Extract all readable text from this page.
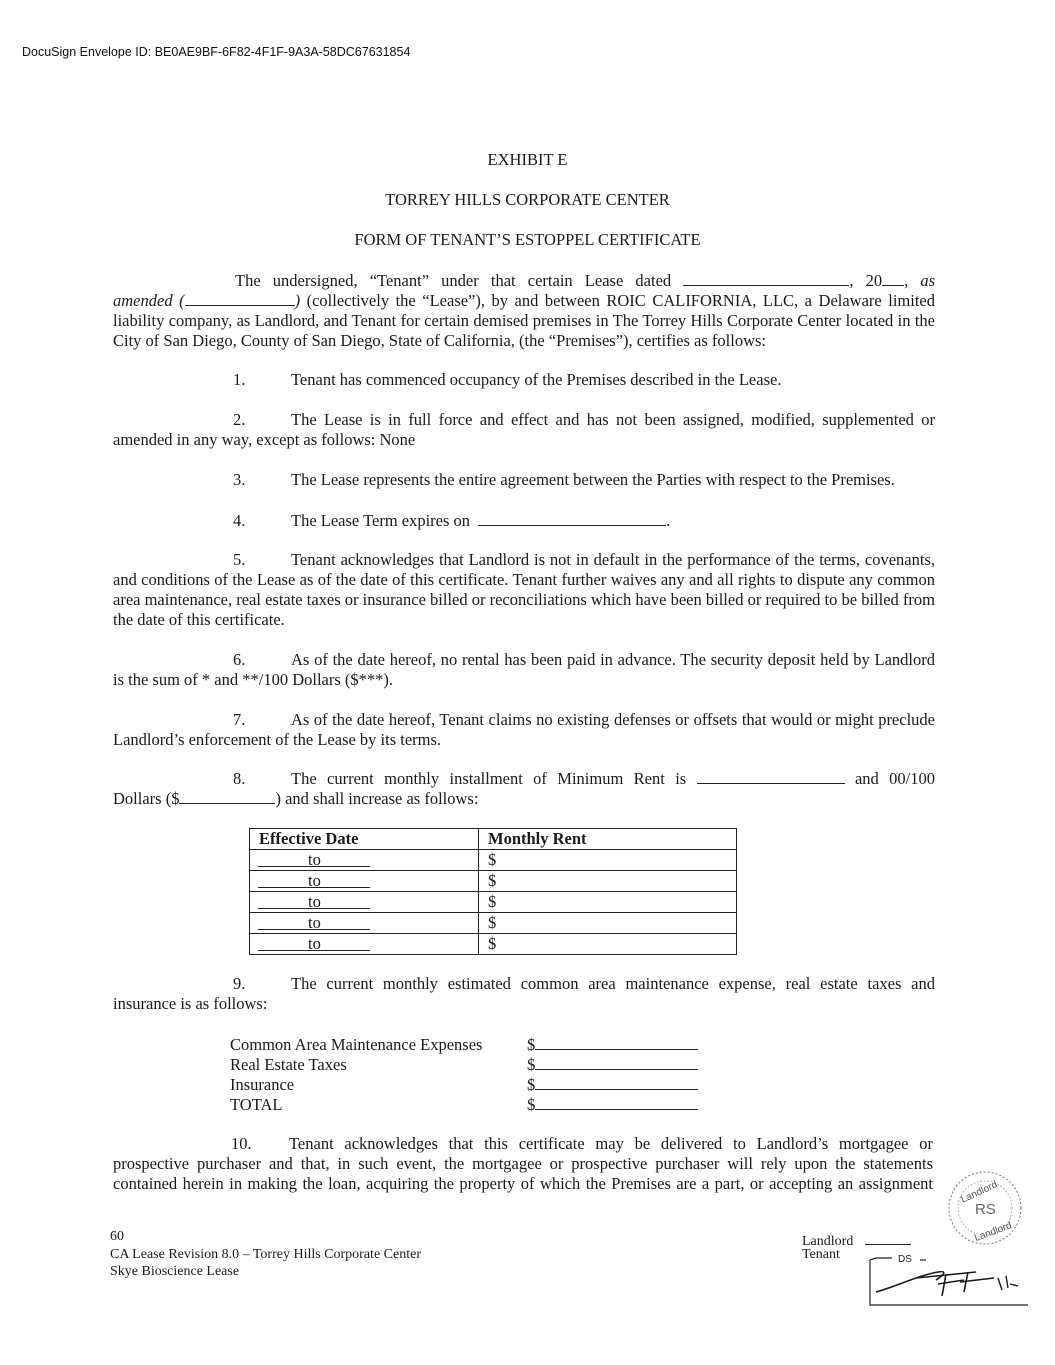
DocuSign Envelope ID: BE0AE9BF-6F82-4F1F-9A3A-58DC67631854
EXHIBIT E
TORREY HILLS CORPORATE CENTER
FORM OF TENANT’S ESTOPPEL CERTIFICATE
The undersigned, “Tenant” under that certain Lease dated	, 20 , as
amended (	) (collectively the “Lease”), by and between ROIC CALIFORNIA, LLC, a Delaware limited liability company, as Landlord, and Tenant for certain demised premises in The Torrey Hills Corporate Center located in the City of San Diego, County of San Diego, State of California, (the “Premises”), certifies as follows:
1.	Tenant has commenced occupancy of the Premises described in the Lease.
2.	The Lease is in full force and effect and has not been assigned, modified, supplemented or amended in any way, except as follows: None
3.	The Lease represents the entire agreement between the Parties with respect to the Premises.
4.	The Lease Term expires on	.
5.	Tenant acknowledges that Landlord is not in default in the performance of the terms, covenants, and conditions of the Lease as of the date of this certificate. Tenant further waives any and all rights to dispute any common area maintenance, real estate taxes or insurance billed or reconciliations which have been billed or required to be billed from the date of this certificate.
6.	As of the date hereof, no rental has been paid in advance. The security deposit held by Landlord is the sum of * and **/100 Dollars ($***).
7.	As of the date hereof, Tenant claims no existing defenses or offsets that would or might preclude Landlord’s enforcement of the Lease by its terms.
8.	The current monthly installment of Minimum Rent is	and 00/100
Dollars ($	) and shall increase as follows:
Effective Date	Monthly Rent

to	$

to	$

to	$

to	$

to	$
9.	The current monthly estimated common area maintenance expense, real estate taxes and insurance is as follows:
Common Area Maintenance Expenses	$
Real Estate Taxes	$
Insurance	$
TOTAL	$
10. Tenant acknowledges that this certificate may be delivered to Landlord’s mortgagee or prospective purchaser and that, in such event, the mortgagee or prospective purchaser will rely upon the statements contained herein in making the loan, acquiring the property of which the Premises are a part, or accepting an assignment
60
CA Lease Revision 8.0 – Torrey Hills Corporate Center
Skye Bioscience Lease
Landlord
Tenant	DS
Landlord
RS
Landlord
